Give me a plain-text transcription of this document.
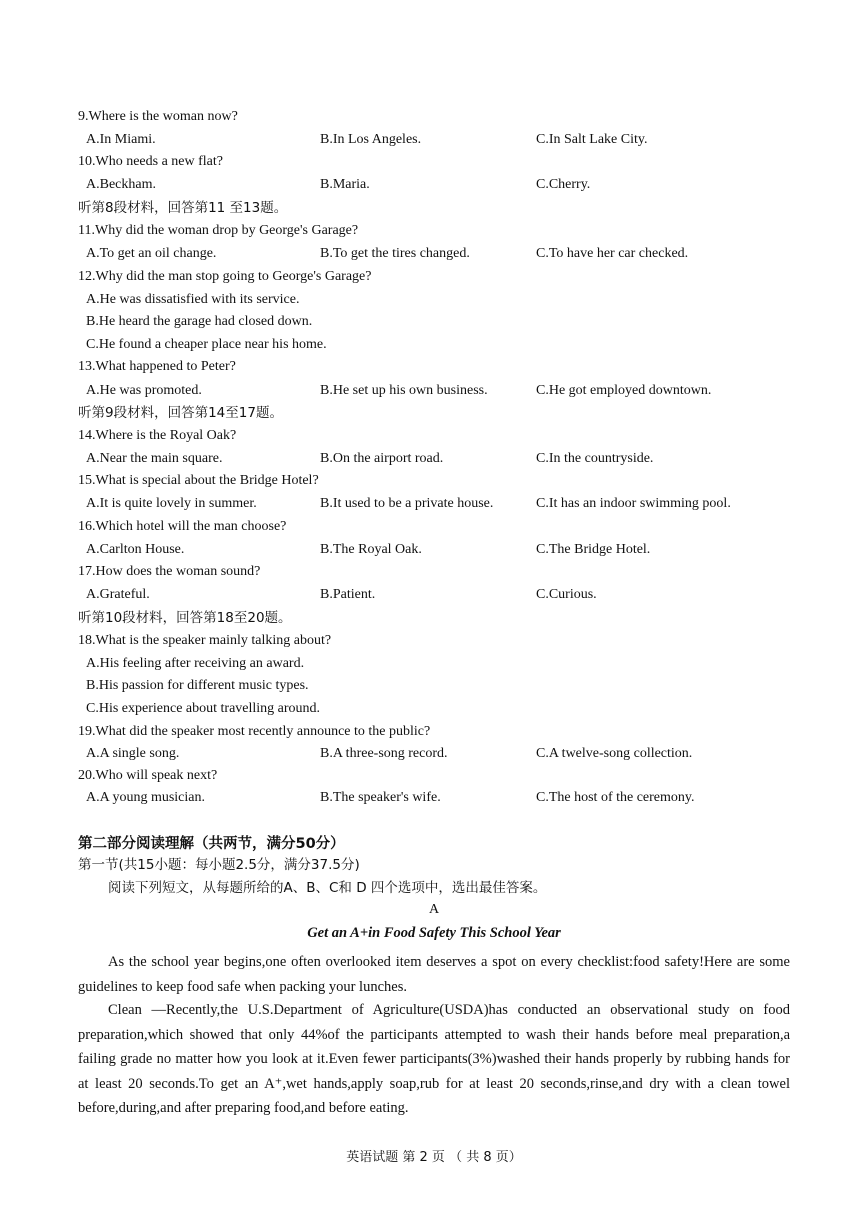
9.Where is the woman now?
A.In Miami.	B.In Los Angeles.	C.In Salt Lake City.
10.Who needs a new flat?
A.Beckham.	B.Maria.	C.Cherry.
听第8段材料，回答第11 至13题。
11.Why did the woman drop by George's Garage?
A.To get an oil change.	B.To get the tires changed.	C.To have her car checked.
12.Why did the man stop going to George's Garage?
A.He was dissatisfied with its service.
B.He heard the garage had closed down.
C.He found a cheaper place near his home.
13.What happened to Peter?
A.He was promoted.	B.He set up his own business.	C.He got employed downtown.
听第9段材料，回答第14至17题。
14.Where is the Royal Oak?
A.Near the main square.	B.On the airport road.	C.In the countryside.
15.What is special about the Bridge Hotel?
A.It is quite lovely in summer.	B.It used to be a private house.	C.It has an indoor swimming pool.
16.Which hotel will the man choose?
A.Carlton House.	B.The Royal Oak.	C.The Bridge Hotel.
17.How does the woman sound?
A.Grateful.	B.Patient.	C.Curious.
听第10段材料，回答第18至20题。
18.What is the speaker mainly talking about?
A.His feeling after receiving an award.
B.His passion for different music types.
C.His experience about travelling around.
19.What did the speaker most recently announce to the public?
A.A single song.	B.A three-song record.	C.A twelve-song collection.
20.Who will speak next?
A.A young musician.	B.The speaker's wife.	C.The host of the ceremony.
第二部分阅读理解（共两节，满分50分）
第一节(共15小题：每小题2.5分，满分37.5分)
阅读下列短文，从每题所给的A、B、C和 D 四个选项中，选出最佳答案。
A
Get an A+in Food Safety This School Year
As the school year begins,one often overlooked item deserves a spot on every checklist:food safety!Here are some guidelines to keep food safe when packing your lunches.
Clean —Recently,the U.S.Department of Agriculture(USDA)has conducted an observational study on food preparation,which showed that only 44%of the participants attempted to wash their hands before meal preparation,a failing grade no matter how you look at it.Even fewer participants(3%)washed their hands properly by rubbing hands for at least 20 seconds.To get an A⁺,wet hands,apply soap,rub for at least 20 seconds,rinse,and dry with a clean towel before,during,and after preparing food,and before eating.
英语试题 第 2 页 （ 共 8 页）
